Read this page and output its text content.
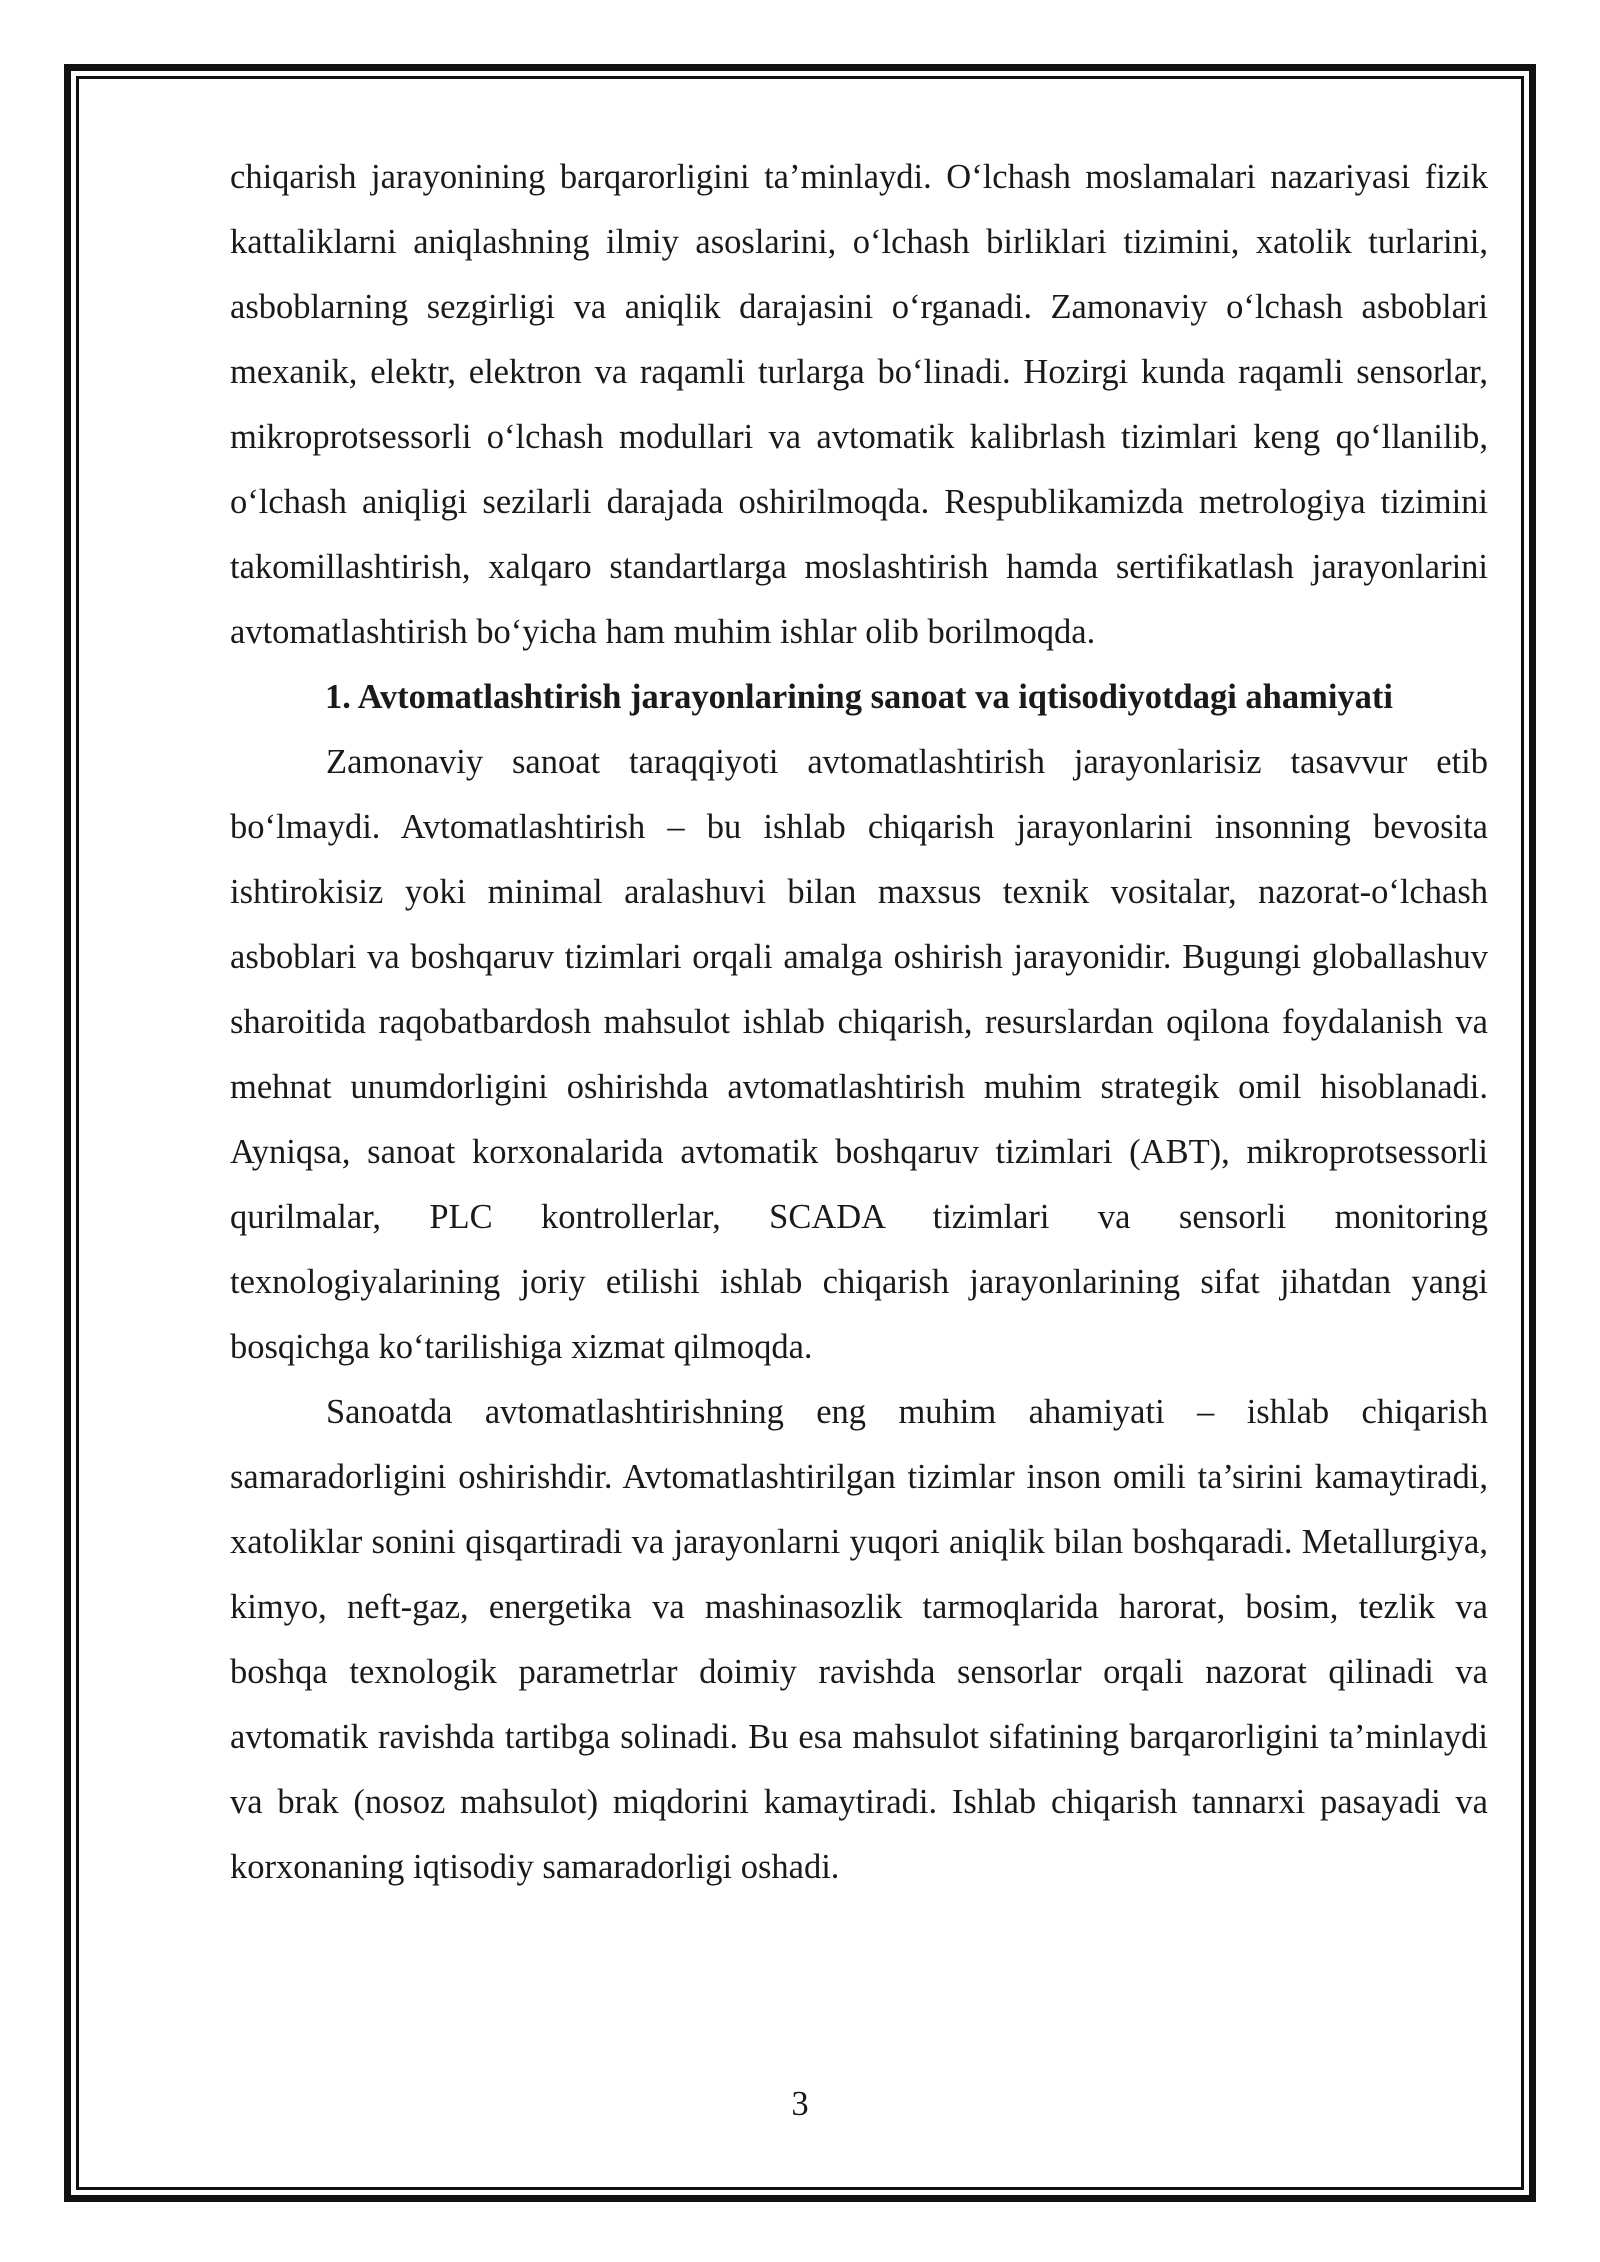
chiqarish jarayonining barqarorligini ta’minlaydi. O‘lchash moslamalari nazariyasi fizik kattaliklarni aniqlashning ilmiy asoslarini, o‘lchash birliklari tizimini, xatolik turlarini, asboblarning sezgirligi va aniqlik darajasini o‘rganadi. Zamonaviy o‘lchash asboblari mexanik, elektr, elektron va raqamli turlarga bo‘linadi. Hozirgi kunda raqamli sensorlar, mikroprotsessorli o‘lchash modullari va avtomatik kalibrlash tizimlari keng qo‘llanilib, o‘lchash aniqligi sezilarli darajada oshirilmoqda. Respublikamizda metrologiya tizimini takomillashtirish, xalqaro standartlarga moslashtirish hamda sertifikatlash jarayonlarini avtomatlashtirish bo‘yicha ham muhim ishlar olib borilmoqda.

1. Avtomatlashtirish jarayonlarining sanoat va iqtisodiyotdagi ahamiyati

Zamonaviy sanoat taraqqiyoti avtomatlashtirish jarayonlarisiz tasavvur etib bo‘lmaydi. Avtomatlashtirish – bu ishlab chiqarish jarayonlarini insonning bevosita ishtirokisiz yoki minimal aralashuvi bilan maxsus texnik vositalar, nazorat-o‘lchash asboblari va boshqaruv tizimlari orqali amalga oshirish jarayonidir. Bugungi globallashuv sharoitida raqobatbardosh mahsulot ishlab chiqarish, resurslardan oqilona foydalanish va mehnat unumdorligini oshirishda avtomatlashtirish muhim strategik omil hisoblanadi. Ayniqsa, sanoat korxonalarida avtomatik boshqaruv tizimlari (ABT), mikroprotsessorli qurilmalar, PLC kontrollerlar, SCADA tizimlari va sensorli monitoring texnologiyalarining joriy etilishi ishlab chiqarish jarayonlarining sifat jihatdan yangi bosqichga ko‘tarilishiga xizmat qilmoqda.

Sanoatda avtomatlashtirishning eng muhim ahamiyati – ishlab chiqarish samaradorligini oshirishdir. Avtomatlashtirilgan tizimlar inson omili ta’sirini kamaytiradi, xatoliklar sonini qisqartiradi va jarayonlarni yuqori aniqlik bilan boshqaradi. Metallurgiya, kimyo, neft-gaz, energetika va mashinasozlik tarmoqlarida harorat, bosim, tezlik va boshqa texnologik parametrlar doimiy ravishda sensorlar orqali nazorat qilinadi va avtomatik ravishda tartibga solinadi. Bu esa mahsulot sifatining barqarorligini ta’minlaydi va brak (nosoz mahsulot) miqdorini kamaytiradi. Ishlab chiqarish tannarxi pasayadi va korxonaning iqtisodiy samaradorligi oshadi.

3
